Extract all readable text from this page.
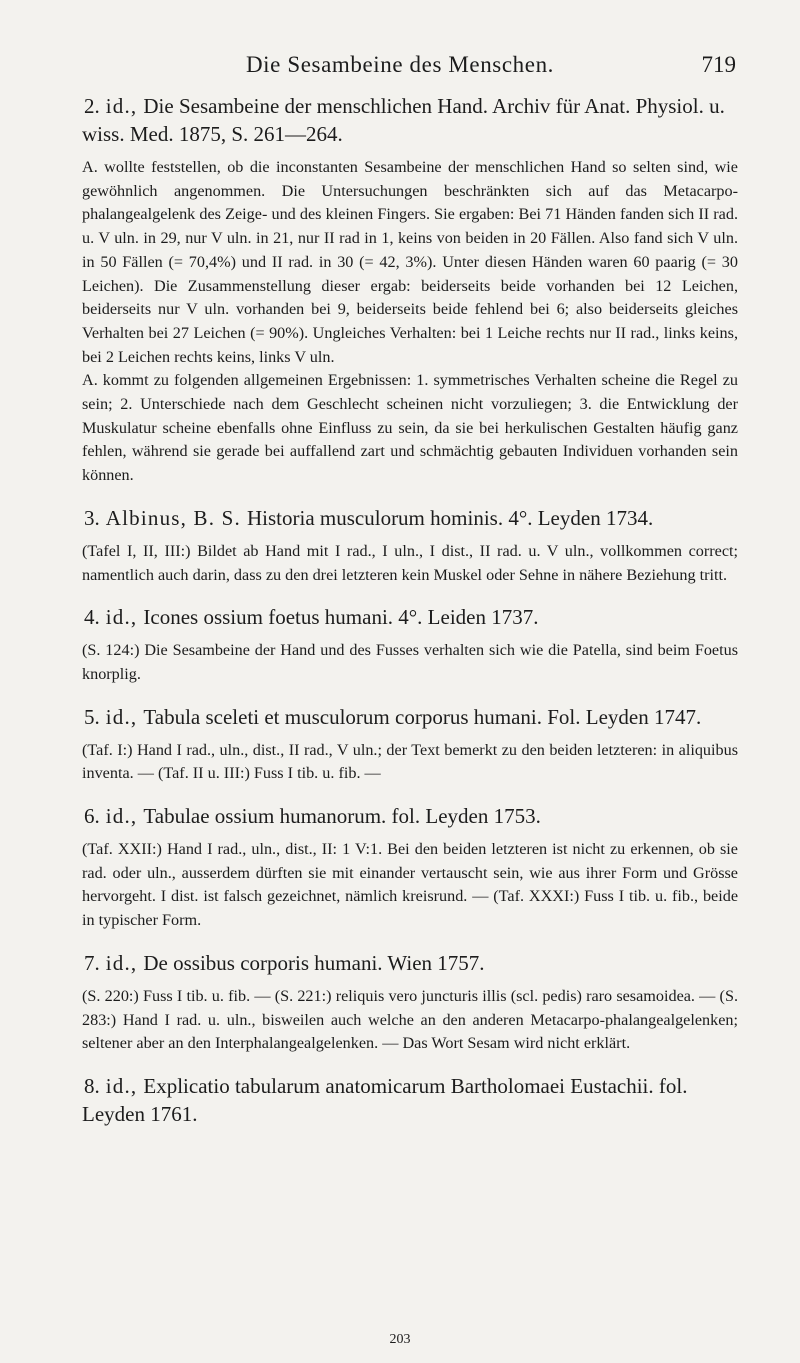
Die Sesambeine des Menschen.	719
2. id., Die Sesambeine der menschlichen Hand. Archiv für Anat. Physiol. u. wiss. Med. 1875, S. 261—264.

A. wollte feststellen, ob die inconstanten Sesambeine der menschlichen Hand so selten sind, wie gewöhnlich angenommen. Die Untersuchungen beschränkten sich auf das Metacarpo-phalangealgelenk des Zeige- und des kleinen Fingers. Sie ergaben: Bei 71 Händen fanden sich II rad. u. V uln. in 29, nur V uln. in 21, nur II rad in 1, keins von beiden in 20 Fällen. Also fand sich V uln. in 50 Fällen (= 70,4%) und II rad. in 30 (= 42, 3%). Unter diesen Händen waren 60 paarig (= 30 Leichen). Die Zusammenstellung dieser ergab: beiderseits beide vorhanden bei 12 Leichen, beiderseits nur V uln. vorhanden bei 9, beiderseits beide fehlend bei 6; also beiderseits gleiches Verhalten bei 27 Leichen (= 90%). Ungleiches Verhalten: bei 1 Leiche rechts nur II rad., links keins, bei 2 Leichen rechts keins, links V uln.

A. kommt zu folgenden allgemeinen Ergebnissen: 1. symmetrisches Verhalten scheine die Regel zu sein; 2. Unterschiede nach dem Geschlecht scheinen nicht vorzuliegen; 3. die Entwicklung der Muskulatur scheine ebenfalls ohne Einfluss zu sein, da sie bei herkulischen Gestalten häufig ganz fehlen, während sie gerade bei auffallend zart und schmächtig gebauten Individuen vorhanden sein können.

3. Albinus, B. S. Historia musculorum hominis. 4°. Leyden 1734.

(Tafel I, II, III:) Bildet ab Hand mit I rad., I uln., I dist., II rad. u. V uln., vollkommen correct; namentlich auch darin, dass zu den drei letzteren kein Muskel oder Sehne in nähere Beziehung tritt.

4. id., Icones ossium foetus humani. 4°. Leiden 1737.

(S. 124:) Die Sesambeine der Hand und des Fusses verhalten sich wie die Patella, sind beim Foetus knorplig.

5. id., Tabula sceleti et musculorum corporus humani. Fol. Leyden 1747.

(Taf. I:) Hand I rad., uln., dist., II rad., V uln.; der Text bemerkt zu den beiden letzteren: in aliquibus inventa. — (Taf. II u. III:) Fuss I tib. u. fib. —

6. id., Tabulae ossium humanorum. fol. Leyden 1753.

(Taf. XXII:) Hand I rad., uln., dist., II: 1 V:1. Bei den beiden letzteren ist nicht zu erkennen, ob sie rad. oder uln., ausserdem dürften sie mit einander vertauscht sein, wie aus ihrer Form und Grösse hervorgeht. I dist. ist falsch gezeichnet, nämlich kreisrund. — (Taf. XXXI:) Fuss I tib. u. fib., beide in typischer Form.

7. id., De ossibus corporis humani. Wien 1757.

(S. 220:) Fuss I tib. u. fib. — (S. 221:) reliquis vero juncturis illis (scl. pedis) raro sesamoidea. — (S. 283:) Hand I rad. u. uln., bisweilen auch welche an den anderen Metacarpo-phalangealgelenken; seltener aber an den Interphalangealgelenken. — Das Wort Sesam wird nicht erklärt.

8. id., Explicatio tabularum anatomicarum Bartholomaei Eustachii. fol. Leyden 1761.
203
